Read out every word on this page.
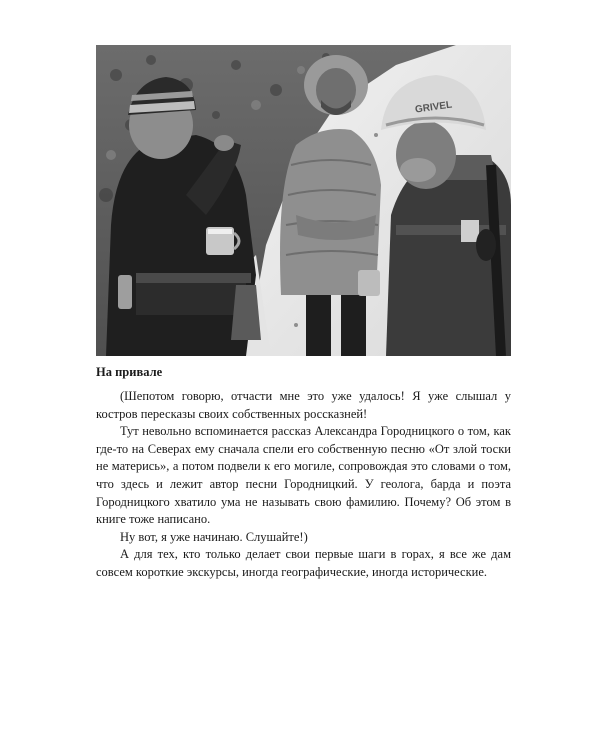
GRIVEL

На привале

(Шепотом говорю, отчасти мне это уже удалось! Я уже слышал у костров пересказы своих собственных россказней!

Тут невольно вспоминается рассказ Александра Городницкого о том, как где-то на Северах ему сначала спели его собственную песню «От злой тоски не матерись», а потом подвели к его могиле, сопровождая это словами о том, что здесь и лежит автор песни Городницкий. У геолога, барда и поэта Городницкого хватило ума не называть свою фамилию. Почему? Об этом в книге тоже написано.

Ну вот, я уже начинаю. Слушайте!)

А для тех, кто только делает свои первые шаги в горах, я все же дам совсем короткие экскурсы, иногда географические, иногда исторические.
